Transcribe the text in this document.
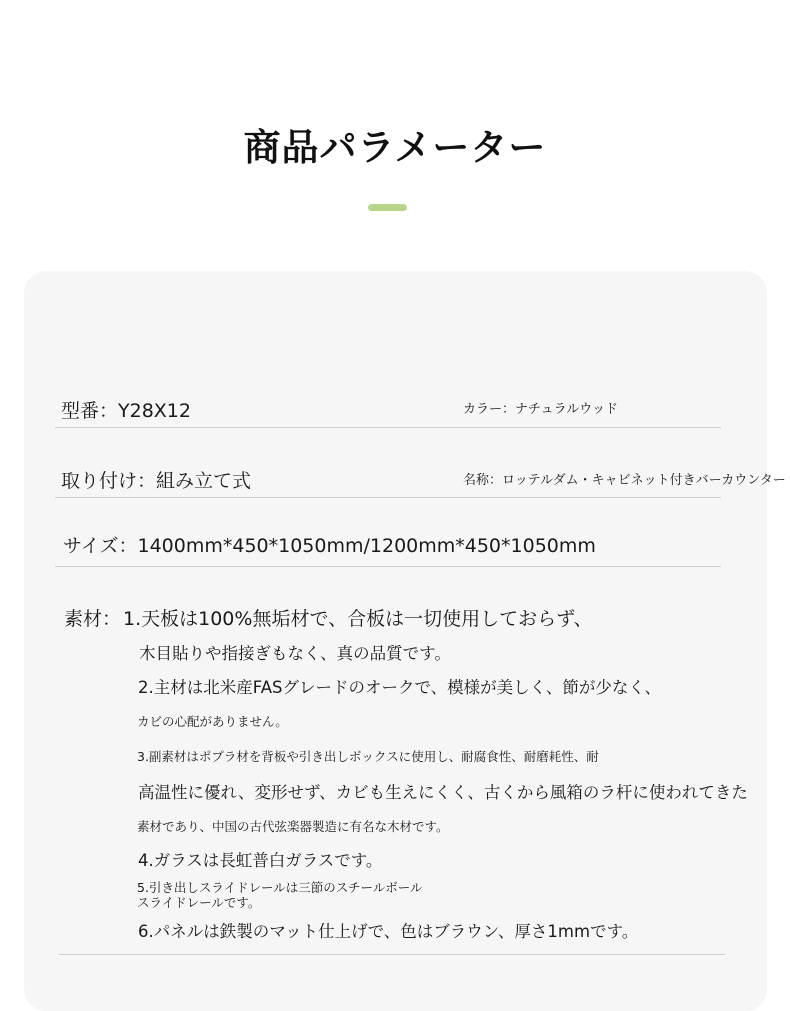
商品パラメーター
型番：Y28X12	カラー：ナチュラルウッド
取り付け：組み立て式	名称：ロッテルダム・キャビネット付きバーカウンター
サイズ：1400mm*450*1050mm/1200mm*450*1050mm
素材： 1.天板は100%無垢材で、合板は一切使用しておらず、
木目貼りや指接ぎもなく、真の品質です。
2.主材は北米産FASグレードのオークで、模様が美しく、節が少なく、
カビの心配がありません。
3.副素材はポプラ材を背板や引き出しボックスに使用し、耐腐食性、耐磨耗性、耐
高温性に優れ、変形せず、カビも生えにくく、古くから風箱のラ杆に使われてきた
素材であり、中国の古代弦楽器製造に有名な木材です。
4.ガラスは長虹普白ガラスです。
5.引き出しスライドレールは三節のスチールボール
スライドレールです。
6.パネルは鉄製のマット仕上げで、色はブラウン、厚さ1mmです。
